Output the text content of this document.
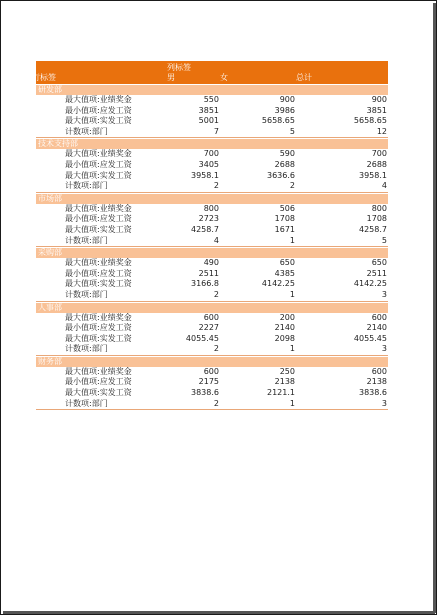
列标签
行标签	男	女	总计
研发部
最大值项:业绩奖金	550	900	900
最小值项:应发工资	3851	3986	3851
最大值项:实发工资	5001	5658.65	5658.65
计数项:部门	7	5	12
技术支持部
最大值项:业绩奖金	700	590	700
最小值项:应发工资	3405	2688	2688
最大值项:实发工资	3958.1	3636.6	3958.1
计数项:部门	2	2	4
市场部
最大值项:业绩奖金	800	506	800
最小值项:应发工资	2723	1708	1708
最大值项:实发工资	4258.7	1671	4258.7
计数项:部门	4	1	5
采购部
最大值项:业绩奖金	490	650	650
最小值项:应发工资	2511	4385	2511
最大值项:实发工资	3166.8	4142.25	4142.25
计数项:部门	2	1	3
人事部
最大值项:业绩奖金	600	200	600
最小值项:应发工资	2227	2140	2140
最大值项:实发工资	4055.45	2098	4055.45
计数项:部门	2	1	3
财务部
最大值项:业绩奖金	600	250	600
最小值项:应发工资	2175	2138	2138
最大值项:实发工资	3838.6	2121.1	3838.6
计数项:部门	2	1	3
